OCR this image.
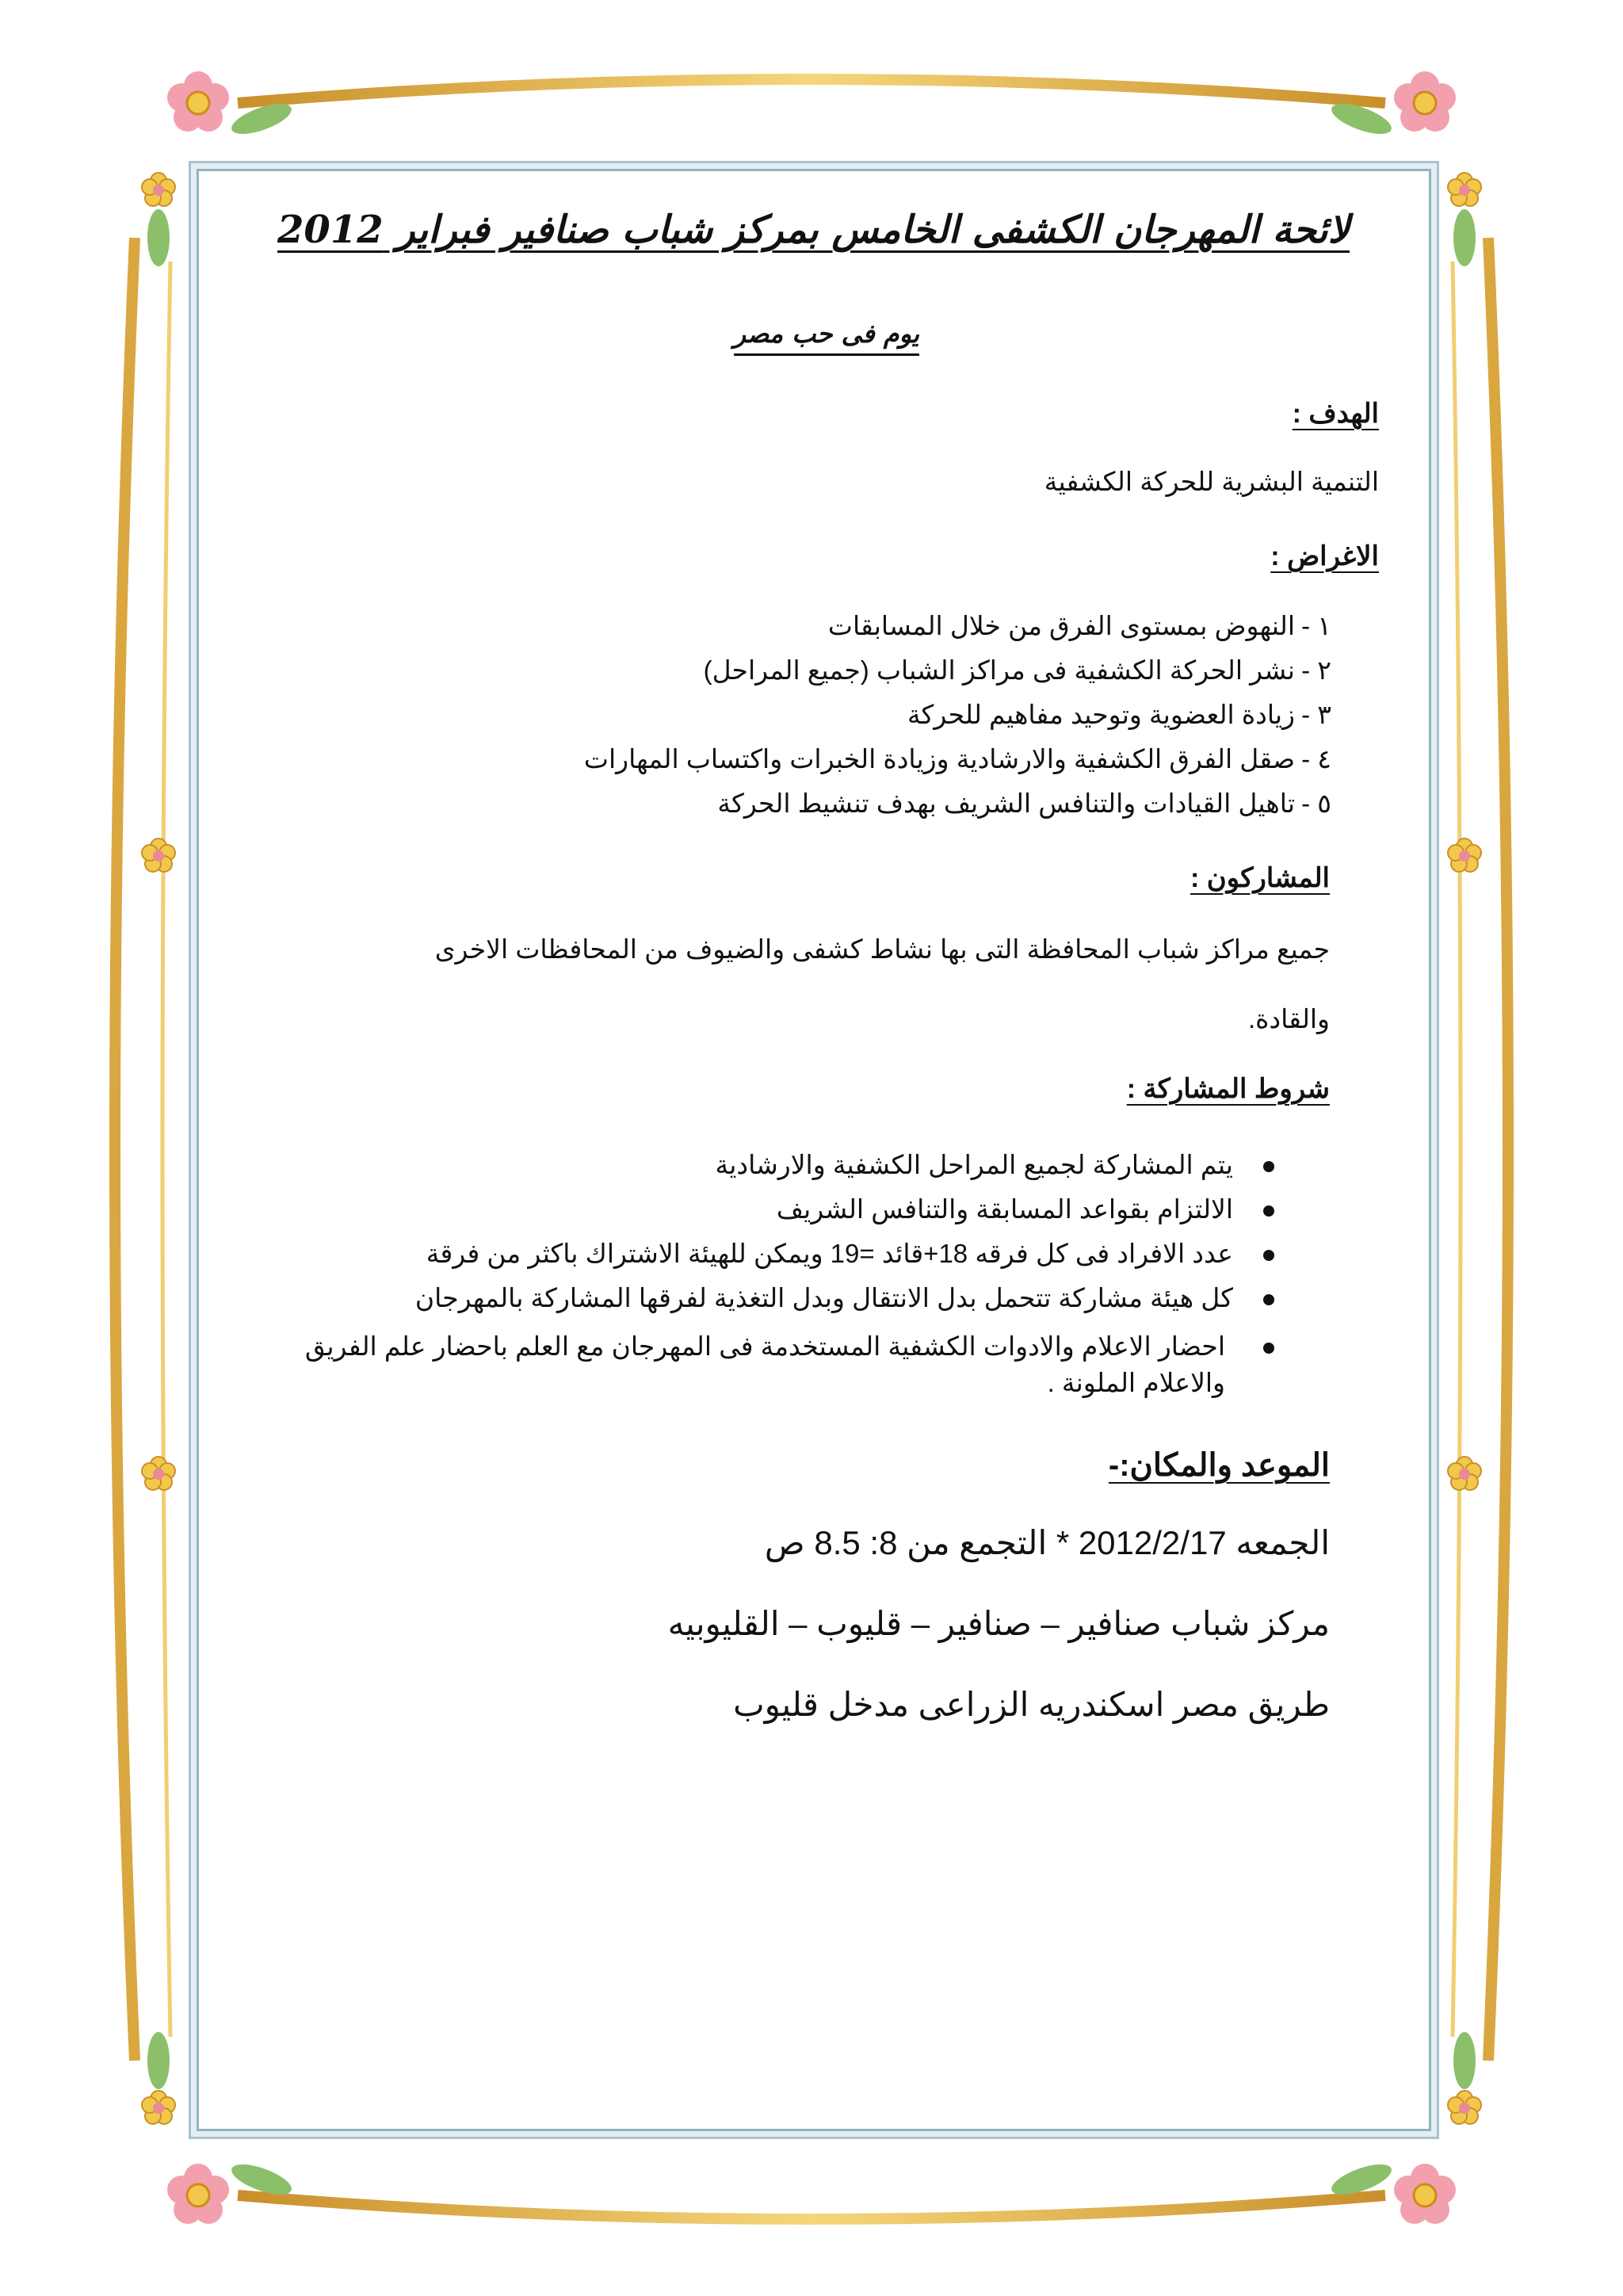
لائحة المهرجان الكشفى الخامس بمركز شباب صنافير فبراير 2012
يوم فى حب مصر
الهدف :
التنمية البشرية للحركة الكشفية
الاغراض :
١ -النهوض بمستوى الفرق من خلال المسابقات
٢ -نشر الحركة الكشفية فى مراكز الشباب (جميع المراحل)
٣ -زيادة العضوية وتوحيد مفاهيم للحركة
٤ -صقل الفرق الكشفية والارشادية وزيادة الخبرات واكتساب المهارات
٥ -تاهيل القيادات والتنافس الشريف بهدف تنشيط الحركة
المشاركون :
جميع مراكز شباب المحافظة التى بها نشاط كشفى والضيوف من المحافظات الاخرى
والقادة.
شروط المشاركة :
يتم المشاركة لجميع المراحل الكشفية والارشادية
الالتزام بقواعد المسابقة والتنافس الشريف
عدد الافراد فى كل فرقه 18+قائد =19 ويمكن للهيئة الاشتراك باكثر من فرقة
كل هيئة مشاركة تتحمل بدل الانتقال وبدل التغذية لفرقها المشاركة بالمهرجان
احضار الاعلام والادوات الكشفية المستخدمة فى المهرجان مع العلم باحضار علم الفريق والاعلام الملونة .
الموعد والمكان:-
الجمعه 2012/2/17 * التجمع من 8: 8.5 ص
مركز شباب صنافير – صنافير – قليوب – القليوبيه
طريق مصر اسكندريه الزراعى مدخل قليوب
